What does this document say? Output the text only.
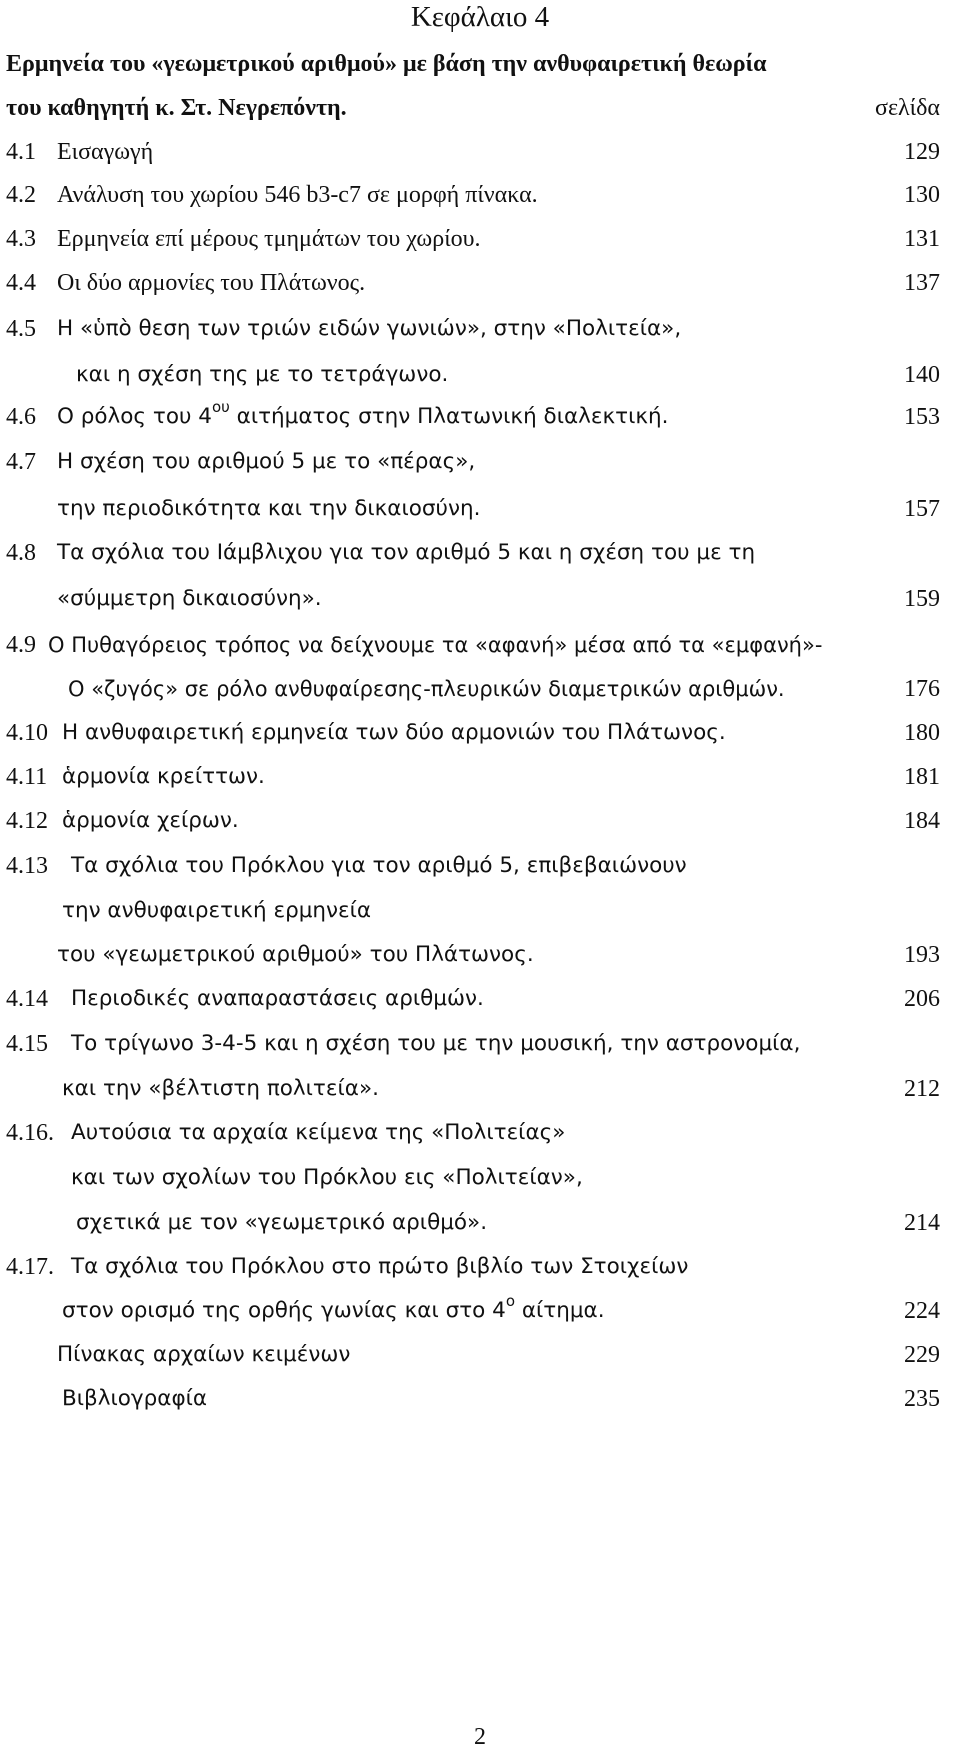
Κεφάλαιο 4
Ερμηνεία του «γεωμετρικού αριθμού» με βάση την ανθυφαιρετική θεωρία
του καθηγητή κ. Στ. Νεγρεπόντη.	σελίδα
4.1 Εισαγωγή	129
4.2 Ανάλυση του χωρίου 546 b3-c7 σε μορφή πίνακα.	130
4.3 Ερμηνεία επί μέρους τμημάτων του χωρίου.	131
4.4 Οι δύο αρμονίες του Πλάτωνος.	137
4.5 Η «ὑπὸ θεση των τριών ειδών γωνιών», στην «Πολιτεία»,
και η σχέση της με το τετράγωνο.	140
4.6 Ο ρόλος του $4^{o\upsilon}$ αιτήματος στην Πλατωνική διαλεκτική.	153
4.7 Η σχέση του αριθμού 5 με το «πέρας»,
την περιοδικότητα και την δικαιοσύνη.	157
4.8 Τα σχόλια του Ιάμβλιχου για τον αριθμό 5 και η σχέση του με τη
«σύμμετρη δικαιοσύνη».	159
4.9 Ο Πυθαγόρειος τρόπος να δείχνουμε τα «αφανή» μέσα από τα «εμφανή»-
Ο «ζυγός» σε ρόλο ανθυφαίρεσης-πλευρικών διαμετρικών αριθμών.	176
4.10 Η ανθυφαιρετική ερμηνεία των δύο αρμονιών του Πλάτωνος.	180
4.11 ἁρμονία κρείττων.	181
4.12 ἁρμονία χείρων.	184
4.13 Τα σχόλια του Πρόκλου για τον αριθμό 5, επιβεβαιώνουν
την ανθυφαιρετική ερμηνεία
του «γεωμετρικού αριθμού» του Πλάτωνος.	193
4.14 Περιοδικές αναπαραστάσεις αριθμών.	206
4.15 Το τρίγωνο 3-4-5 και η σχέση του με την μουσική, την αστρονομία,
και την «βέλτιστη πολιτεία».	212
4.16. Αυτούσια τα αρχαία κείμενα της «Πολιτείας»
και των σχολίων του Πρόκλου εις «Πολιτείαν»,
σχετικά με τον «γεωμετρικό αριθμό».	214
4.17. Τα σχόλια του Πρόκλου στο πρώτο βιβλίο των Στοιχείων
στον ορισμό της ορθής γωνίας και στο $4^o$ αίτημα.	224
Πίνακας αρχαίων κειμένων	229
Βιβλιογραφία	235
2
